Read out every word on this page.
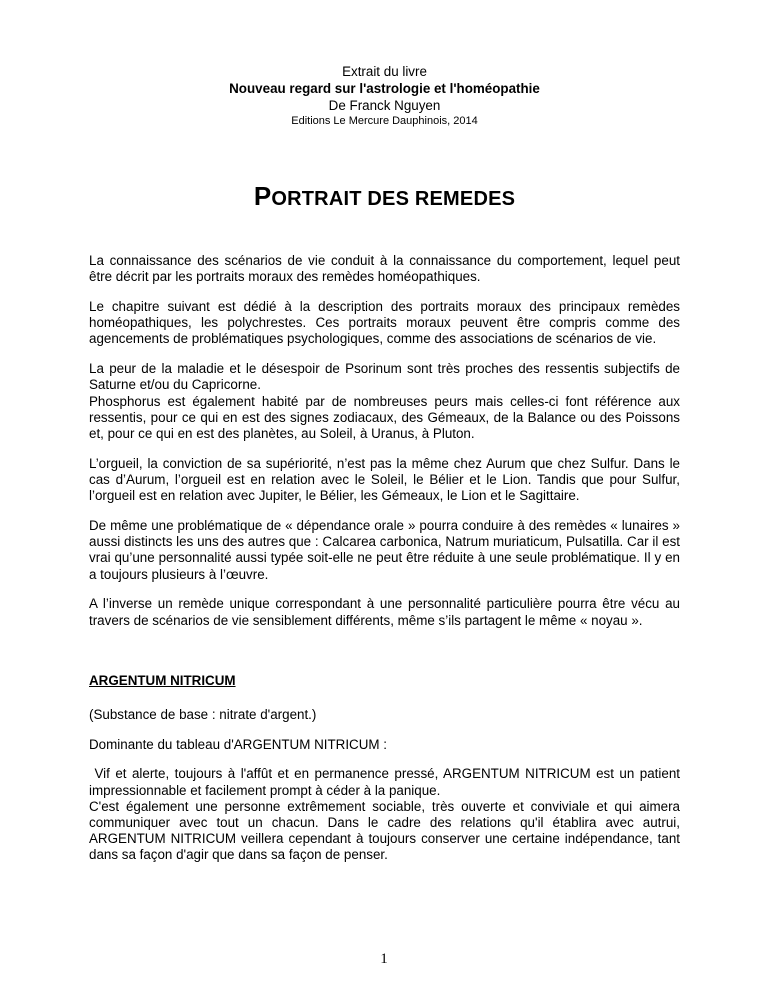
Extrait du livre
Nouveau regard sur l'astrologie et l'homéopathie
De Franck Nguyen
Editions Le Mercure Dauphinois, 2014
PORTRAIT DES REMEDES

La connaissance des scénarios de vie conduit à la connaissance du comportement, lequel peut être décrit par les portraits moraux des remèdes homéopathiques.

Le chapitre suivant est dédié à la description des portraits moraux des principaux remèdes homéopathiques, les polychrestes. Ces portraits moraux peuvent être compris comme des agencements de problématiques psychologiques, comme des associations de scénarios de vie.

La peur de la maladie et le désespoir de Psorinum sont très proches des ressentis subjectifs de Saturne et/ou du Capricorne.

Phosphorus est également habité par de nombreuses peurs mais celles-ci font référence aux ressentis, pour ce qui en est des signes zodiacaux, des Gémeaux, de la Balance ou des Poissons et, pour ce qui en est des planètes, au Soleil, à Uranus, à Pluton.

L’orgueil, la conviction de sa supériorité, n’est pas la même chez Aurum que chez Sulfur. Dans le cas d’Aurum, l’orgueil est en relation avec le Soleil, le Bélier et le Lion. Tandis que pour Sulfur, l’orgueil est en relation avec Jupiter, le Bélier, les Gémeaux, le Lion et le Sagittaire.

De même une problématique de « dépendance orale » pourra conduire à des remèdes « lunaires » aussi distincts les uns des autres que : Calcarea carbonica, Natrum muriaticum, Pulsatilla. Car il est vrai qu’une personnalité aussi typée soit-elle ne peut être réduite à une seule problématique. Il y en a toujours plusieurs à l’œuvre.

A l’inverse un remède unique correspondant à une personnalité particulière pourra être vécu au travers de scénarios de vie sensiblement différents, même s’ils partagent le même « noyau ».

ARGENTUM NITRICUM

(Substance de base : nitrate d'argent.)

Dominante du tableau d'ARGENTUM NITRICUM :

Vif et alerte, toujours à l'affût et en permanence pressé, ARGENTUM NITRICUM est un patient impressionnable et facilement prompt à céder à la panique.

C'est également une personne extrêmement sociable, très ouverte et conviviale et qui aimera communiquer avec tout un chacun. Dans le cadre des relations qu'il établira avec autrui, ARGENTUM NITRICUM veillera cependant à toujours conserver une certaine indépendance, tant dans sa façon d'agir que dans sa façon de penser.

1
